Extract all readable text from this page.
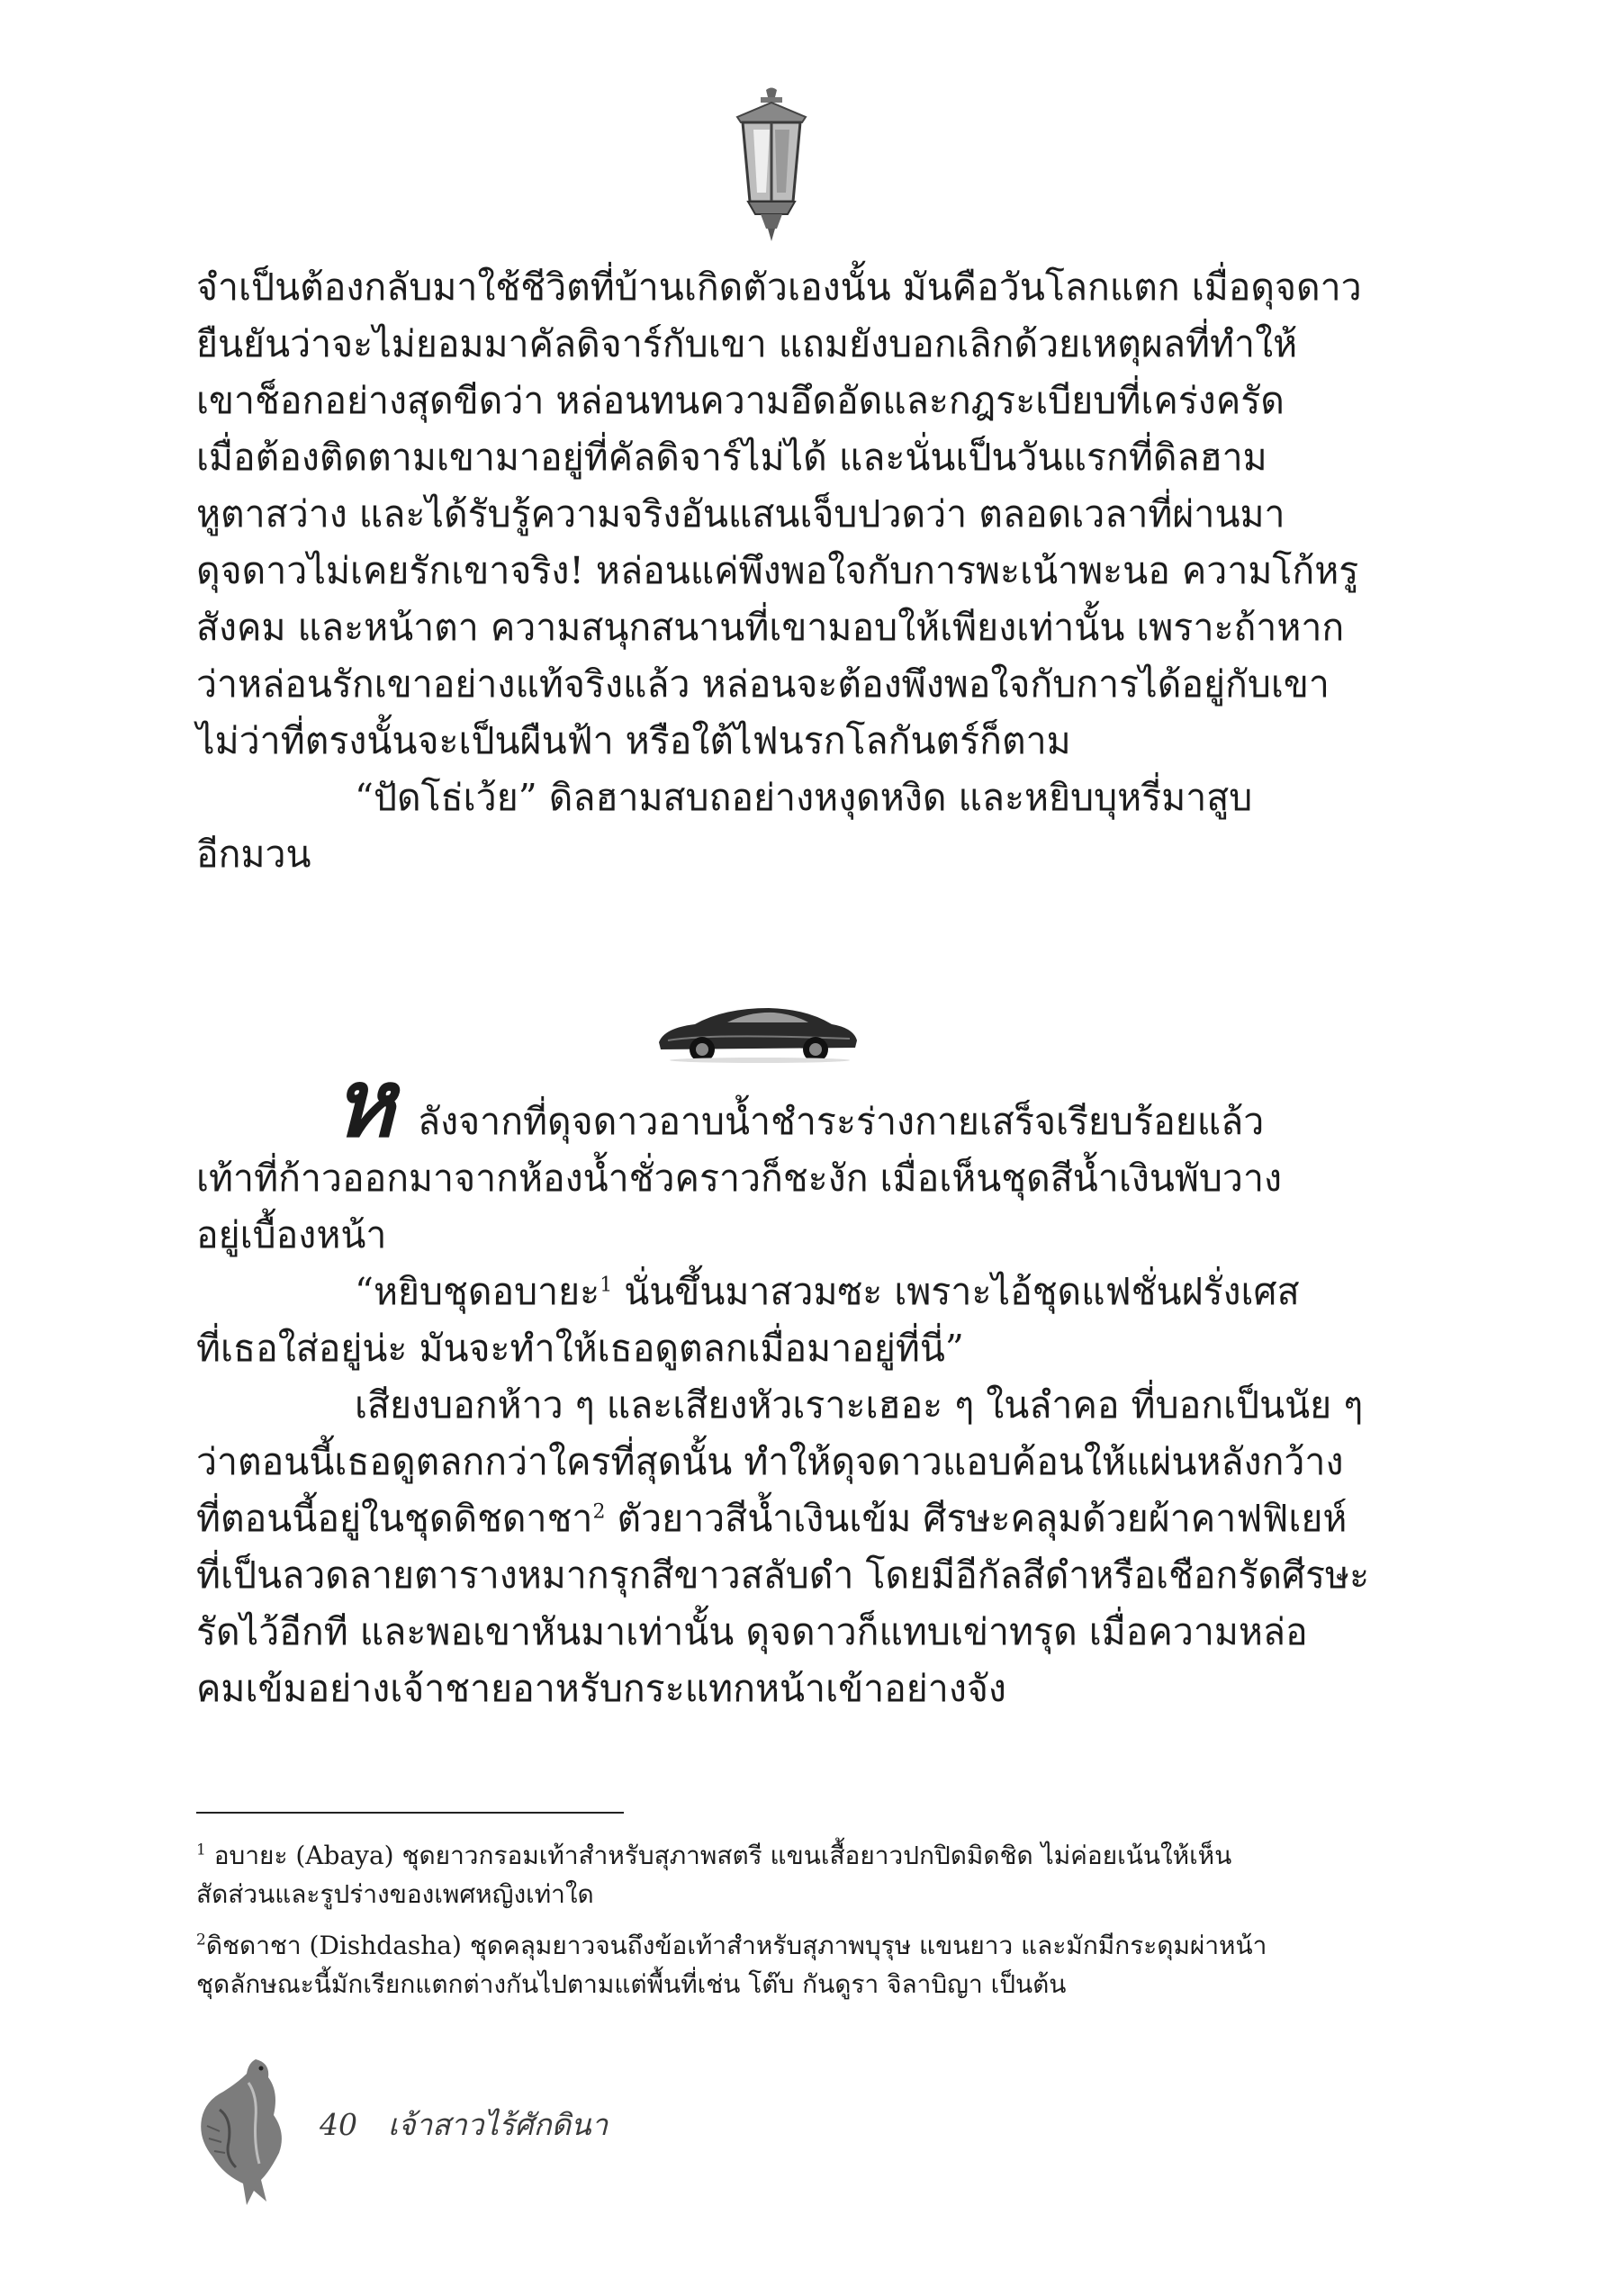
จำเป็นต้องกลับมาใช้ชีวิตที่บ้านเกิดตัวเองนั้น มันคือวันโลกแตก เมื่อดุจดาว
ยืนยันว่าจะไม่ยอมมาคัลดิจาร์กับเขา แถมยังบอกเลิกด้วยเหตุผลที่ทำให้
เขาช็อกอย่างสุดขีดว่า หล่อนทนความอึดอัดและกฎระเบียบที่เคร่งครัด
เมื่อต้องติดตามเขามาอยู่ที่คัลดิจาร์ไม่ได้ และนั่นเป็นวันแรกที่ดิลฮาม
หูตาสว่าง และได้รับรู้ความจริงอันแสนเจ็บปวดว่า ตลอดเวลาที่ผ่านมา
ดุจดาวไม่เคยรักเขาจริง! หล่อนแค่พึงพอใจกับการพะเน้าพะนอ ความโก้หรู
สังคม และหน้าตา ความสนุกสนานที่เขามอบให้เพียงเท่านั้น เพราะถ้าหาก
ว่าหล่อนรักเขาอย่างแท้จริงแล้ว หล่อนจะต้องพึงพอใจกับการได้อยู่กับเขา
ไม่ว่าที่ตรงนั้นจะเป็นผืนฟ้า หรือใต้ไฟนรกโลกันตร์ก็ตาม
“ปัดโธ่เว้ย” ดิลฮามสบถอย่างหงุดหงิด และหยิบบุหรี่มาสูบ
อีกมวน
ห ลังจากที่ดุจดาวอาบน้ำชำระร่างกายเสร็จเรียบร้อยแล้ว
เท้าที่ก้าวออกมาจากห้องน้ำชั่วคราวก็ชะงัก เมื่อเห็นชุดสีน้ำเงินพับวาง
อยู่เบื้องหน้า
“หยิบชุดอบายะ$^1$ นั่นขึ้นมาสวมซะ เพราะไอ้ชุดแฟชั่นฝรั่งเศส
ที่เธอใส่อยู่น่ะ มันจะทำให้เธอดูตลกเมื่อมาอยู่ที่นี่”
เสียงบอกห้าว ๆ และเสียงหัวเราะเฮอะ ๆ ในลำคอ ที่บอกเป็นนัย ๆ
ว่าตอนนี้เธอดูตลกกว่าใครที่สุดนั้น ทำให้ดุจดาวแอบค้อนให้แผ่นหลังกว้าง
ที่ตอนนี้อยู่ในชุดดิชดาชา$^2$ ตัวยาวสีน้ำเงินเข้ม ศีรษะคลุมด้วยผ้าคาฟฟิเยห์
ที่เป็นลวดลายตารางหมากรุกสีขาวสลับดำ โดยมีอีกัลสีดำหรือเชือกรัดศีรษะ
รัดไว้อีกที และพอเขาหันมาเท่านั้น ดุจดาวก็แทบเข่าทรุด เมื่อความหล่อ
คมเข้มอย่างเจ้าชายอาหรับกระแทกหน้าเข้าอย่างจัง
$^1$ อบายะ (Abaya) ชุดยาวกรอมเท้าสำหรับสุภาพสตรี แขนเสื้อยาวปกปิดมิดชิด ไม่ค่อยเน้นให้เห็น
สัดส่วนและรูปร่างของเพศหญิงเท่าใด
$^2$ดิชดาชา (Dishdasha) ชุดคลุมยาวจนถึงข้อเท้าสำหรับสุภาพบุรุษ แขนยาว และมักมีกระดุมผ่าหน้า
ชุดลักษณะนี้มักเรียกแตกต่างกันไปตามแต่พื้นที่เช่น โต๊บ กันดูรา จิลาบิญา เป็นต้น
40 เจ้าสาวไร้ศักดินา
